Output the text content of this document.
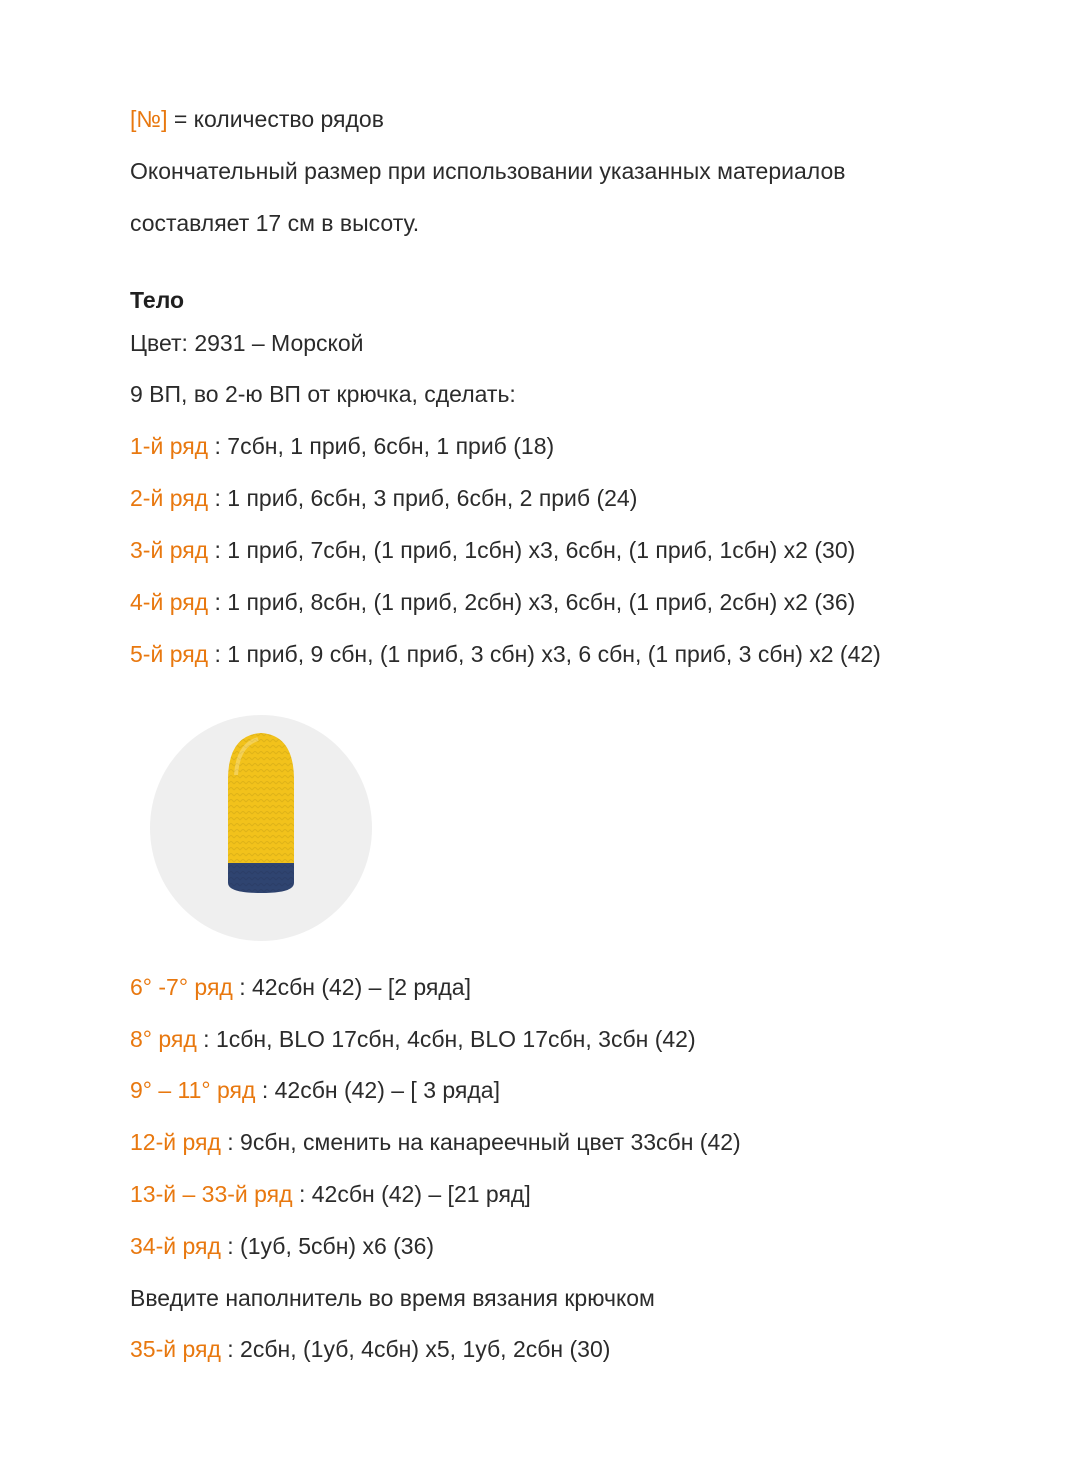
[№] = количество рядов
Окончательный размер при использовании указанных материалов
составляет 17 см в высоту.
Тело
Цвет: 2931 – Морской
9 ВП, во 2-ю ВП от крючка, сделать:
1-й ряд : 7сбн, 1 приб, 6сбн, 1 приб (18)
2-й ряд : 1 приб, 6сбн, 3 приб, 6сбн, 2 приб (24)
3-й ряд : 1 приб, 7сбн, (1 приб, 1сбн) x3, 6сбн, (1 приб, 1сбн) x2 (30)
4-й ряд : 1 приб, 8сбн, (1 приб, 2сбн) x3, 6сбн, (1 приб, 2сбн) x2 (36)
5-й ряд : 1 приб, 9 сбн, (1 приб, 3 сбн) x3, 6 сбн, (1 приб, 3 сбн) x2 (42)
6° -7° ряд : 42сбн (42) – [2 ряда]
8° ряд : 1сбн, BLO 17сбн, 4сбн, BLO 17сбн, 3сбн (42)
9° – 11° ряд : 42сбн (42) – [ 3 ряда]
12-й ряд : 9сбн, сменить на канареечный цвет 33сбн (42)
13-й – 33-й ряд : 42сбн (42) – [21 ряд]
34-й ряд : (1уб, 5сбн) x6 (36)
Введите наполнитель во время вязания крючком
35-й ряд : 2сбн, (1уб, 4сбн) x5, 1уб, 2сбн (30)
